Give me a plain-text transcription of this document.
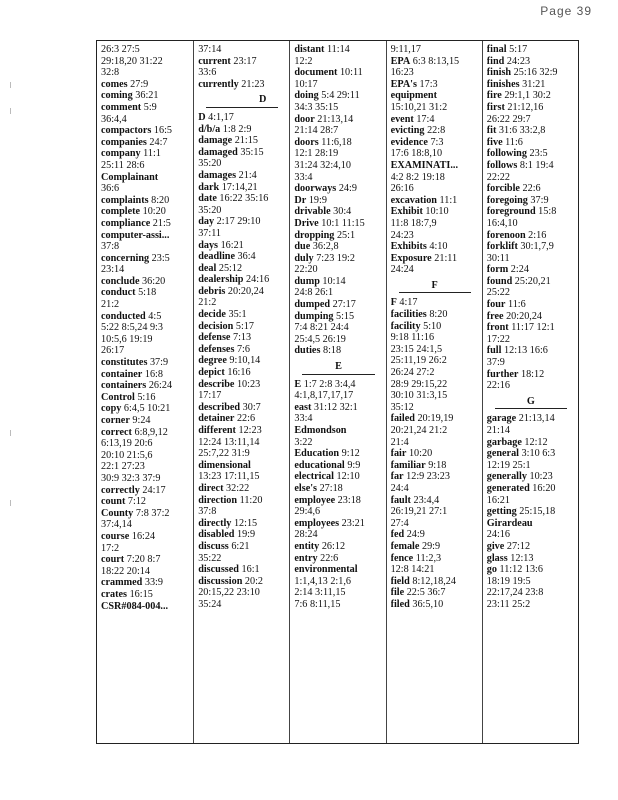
Page 39
26:3 27:5
29:18,20 31:22
32:8
comes 27:9
coming 36:21
comment 5:9
36:4,4
compactors 16:5
companies 24:7
company 11:1
25:11 28:6
Complainant
36:6
complaints 8:20
complete 10:20
compliance 21:5
computer-assi...
37:8
concerning 23:5
23:14
conclude 36:20
conduct 5:18
21:2
conducted 4:5
5:22 8:5,24 9:3
10:5,6 19:19
26:17
constitutes 37:9
container 16:8
containers 26:24
Control 5:16
copy 6:4,5 10:21
corner 9:24
correct 6:8,9,12
6:13,19 20:6
20:10 21:5,6
22:1 27:23
30:9 32:3 37:9
correctly 24:17
count 7:12
County 7:8 37:2
37:4,14
course 16:24
17:2
court 7:20 8:7
18:22 20:14
crammed 33:9
crates 16:15
CSR#084-004...
37:14
current 23:17
33:6
currently 21:23
D
D 4:1,17
d/b/a 1:8 2:9
damage 21:15
damaged 35:15
35:20
damages 21:4
dark 17:14,21
date 16:22 35:16
35:20
day 2:17 29:10
37:11
days 16:21
deadline 36:4
deal 25:12
dealership 24:16
debris 20:20,24
21:2
decide 35:1
decision 5:17
defense 7:13
defenses 7:6
degree 9:10,14
depict 16:16
describe 10:23
17:17
described 30:7
detainer 22:6
different 12:23
12:24 13:11,14
25:7,22 31:9
dimensional
13:23 17:11,15
direct 32:22
direction 11:20
37:8
directly 12:15
disabled 19:9
discuss 6:21
35:22
discussed 16:1
discussion 20:2
20:15,22 23:10
35:24
distant 11:14
12:2
document 10:11
10:17
doing 5:4 29:11
34:3 35:15
door 21:13,14
21:14 28:7
doors 11:6,18
12:1 28:19
31:24 32:4,10
33:4
doorways 24:9
Dr 19:9
drivable 30:4
Drive 10:1 11:15
dropping 25:1
due 36:2,8
duly 7:23 19:2
22:20
dump 10:14
24:8 26:1
dumped 27:17
dumping 5:15
7:4 8:21 24:4
25:4,5 26:19
duties 8:18
E
E 1:7 2:8 3:4,4
4:1,8,17,17,17
east 31:12 32:1
33:4
Edmondson
3:22
Education 9:12
educational 9:9
electrical 12:10
else's 27:18
employee 23:18
29:4,6
employees 23:21
28:24
entity 26:12
entry 22:6
environmental
1:1,4,13 2:1,6
2:14 3:11,15
7:6 8:11,15
9:11,17
EPA 6:3 8:13,15
16:23
EPA's 17:3
equipment
15:10,21 31:2
event 17:4
evicting 22:8
evidence 7:3
17:6 18:8,10
EXAMINATI...
4:2 8:2 19:18
26:16
excavation 11:1
Exhibit 10:10
11:8 18:7,9
24:23
Exhibits 4:10
Exposure 21:11
24:24
F
F 4:17
facilities 8:20
facility 5:10
9:18 11:16
23:15 24:1,5
25:11,19 26:2
26:24 27:2
28:9 29:15,22
30:10 31:3,15
35:12
failed 20:19,19
20:21,24 21:2
21:4
fair 10:20
familiar 9:18
far 12:9 23:23
24:4
fault 23:4,4
26:19,21 27:1
27:4
fed 24:9
female 29:9
fence 11:2,3
12:8 14:21
field 8:12,18,24
file 22:5 36:7
filed 36:5,10
final 5:17
find 24:23
finish 25:16 32:9
finishes 31:21
fire 29:1,1 30:2
first 21:12,16
26:22 29:7
fit 31:6 33:2,8
five 11:6
following 23:5
follows 8:1 19:4
22:22
forcible 22:6
foregoing 37:9
foreground 15:8
16:4,10
forenoon 2:16
forklift 30:1,7,9
30:11
form 2:24
found 25:20,21
25:22
four 11:6
free 20:20,24
front 11:17 12:1
17:22
full 12:13 16:6
37:9
further 18:12
22:16
G
garage 21:13,14
21:14
garbage 12:12
general 3:10 6:3
12:19 25:1
generally 10:23
generated 16:20
16:21
getting 25:15,18
Girardeau
24:16
give 27:12
glass 12:13
go 11:12 13:6
18:19 19:5
22:17,24 23:8
23:11 25:2
